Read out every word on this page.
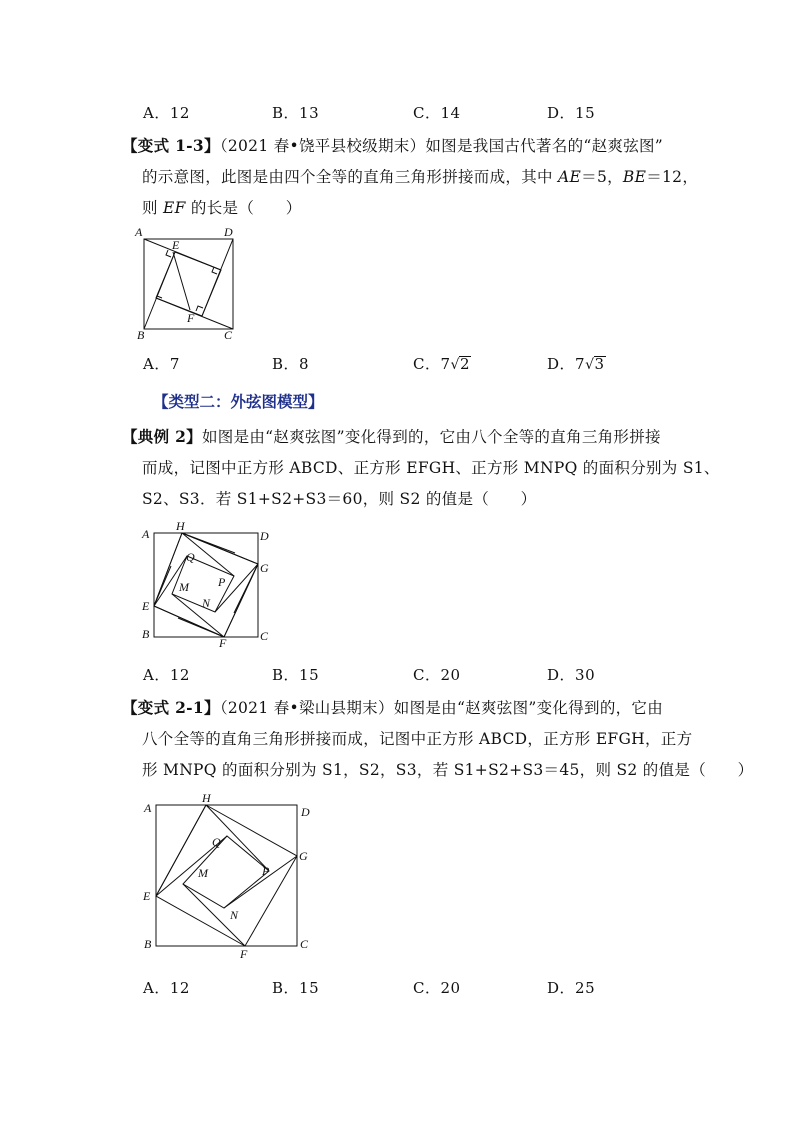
A．12	B．13	C．14	D．15
【变式 1-3】（2021 春•饶平县校级期末）如图是我国古代著名的“赵爽弦图”
的示意图，此图是由四个全等的直角三角形拼接而成，其中 AE＝5，BE＝12，
则 EF 的长是（　　）
A
E
D
B
F
C
A．7	B．8	C．7√2	D．7√3
【类型二：外弦图模型】
【典例 2】如图是由“赵爽弦图”变化得到的，它由八个全等的直角三角形拼接
而成，记图中正方形 ABCD、正方形 EFGH、正方形 MNPQ 的面积分别为 S1、
S2、S3．若 S1+S2+S3＝60，则 S2 的值是（　　）
A
H
D
Q
G
P
M
N
E
B
F	C
A．12	B．15	C．20	D．30
【变式 2-1】（2021 春•梁山县期末）如图是由“赵爽弦图”变化得到的，它由
八个全等的直角三角形拼接而成，记图中正方形 ABCD，正方形 EFGH，正方
形 MNPQ 的面积分别为 S1，S2，S3，若 S1+S2+S3＝45，则 S2 的值是（　　）
A
H
D
Q
G
M	P
E
N
B
F
C
A．12	B．15	C．20	D．25
